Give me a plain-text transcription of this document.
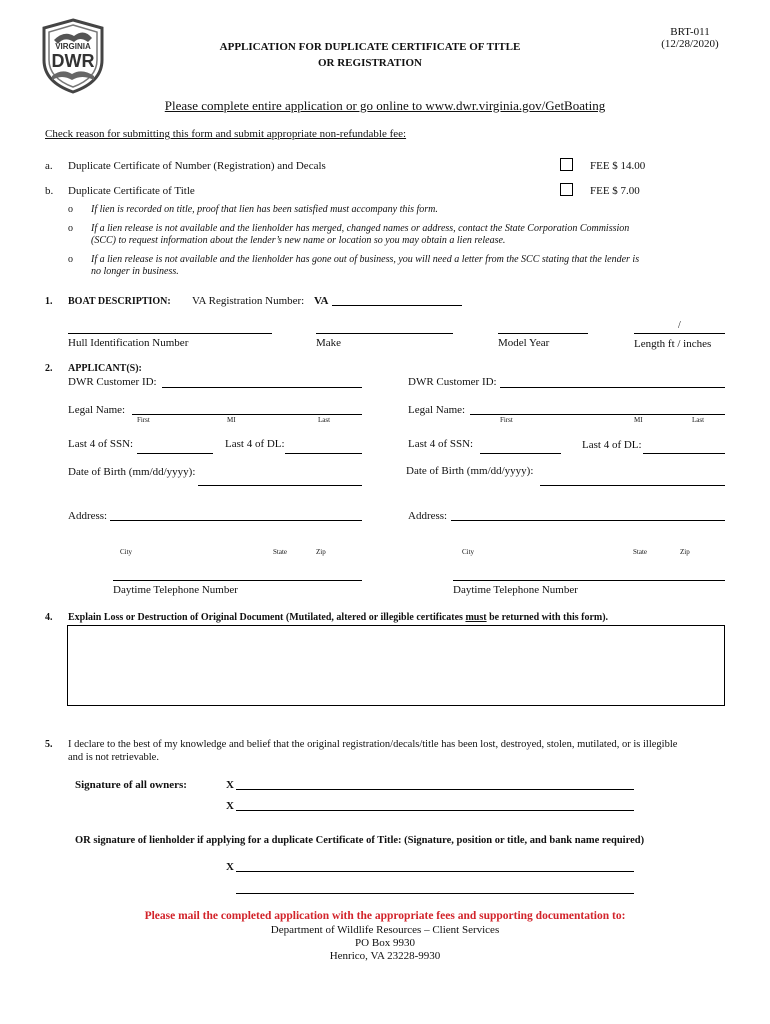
VIRGINIA
DWR
BRT-011
(12/28/2020)
APPLICATION FOR DUPLICATE CERTIFICATE OF TITLE
OR REGISTRATION
Please complete entire application or go online to www.dwr.virginia.gov/GetBoating
Check reason for submitting this form and submit appropriate non-refundable fee:
a. Duplicate Certificate of Number (Registration) and Decals	FEE $ 14.00
b. Duplicate Certificate of Title	FEE $ 7.00
o If lien is recorded on title, proof that lien has been satisfied must accompany this form.
o If a lien release is not available and the lienholder has merged, changed names or address, contact the State Corporation Commission
(SCC) to request information about the lender’s new name or location so you may obtain a lien release.
o If a lien release is not available and the lienholder has gone out of business, you will need a letter from the SCC stating that the lender is
no longer in business.
1. BOAT DESCRIPTION: VA Registration Number: VA
/
Hull Identification Number	Make	Model Year	Length ft / inches
2. APPLICANT(S):
DWR Customer ID:
Legal Name:
First	MI	Last
Last 4 of SSN:	Last 4 of DL:
Date of Birth (mm/dd/yyyy):
Address:
City	State	Zip
Daytime Telephone Number
DWR Customer ID:
Legal Name:
First	MI	Last
Last 4 of SSN:	Last 4 of DL:
Date of Birth (mm/dd/yyyy):
Address:
City	State	Zip
Daytime Telephone Number
4. Explain Loss or Destruction of Original Document (Mutilated, altered or illegible certificates must be returned with this form).
5. I declare to the best of my knowledge and belief that the original registration/decals/title has been lost, destroyed, stolen, mutilated, or is illegible
and is not retrievable.
Signature of all owners:	X
X
OR signature of lienholder if applying for a duplicate Certificate of Title: (Signature, position or title, and bank name required)
X
Please mail the completed application with the appropriate fees and supporting documentation to:
Department of Wildlife Resources – Client Services
PO Box 9930
Henrico, VA 23228-9930
